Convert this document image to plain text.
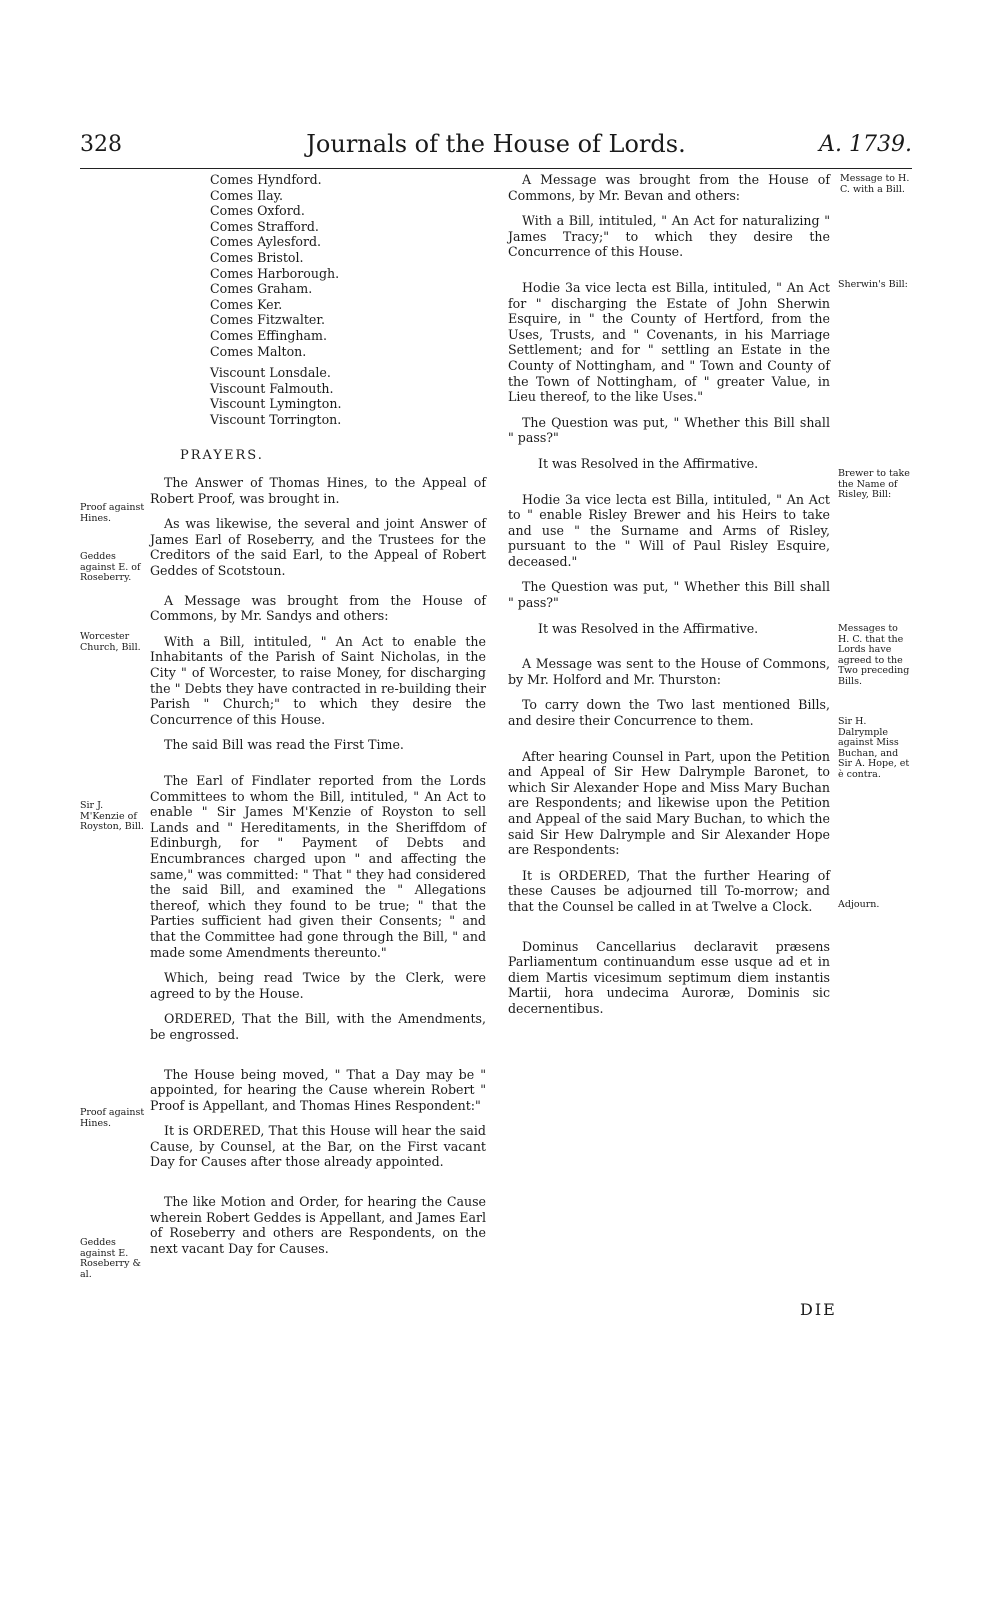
328	Journals of the House of Lords.	A. 1739.
Comes Hyndford.
Comes Ilay.
Comes Oxford.
Comes Strafford.
Comes Aylesford.
Comes Bristol.
Comes Harborough.
Comes Graham.
Comes Ker.
Comes Fitzwalter.
Comes Effingham.
Comes Malton.
Viscount Lonsdale.
Viscount Falmouth.
Viscount Lymington.
Viscount Torrington.
PRAYERS.

The Answer of Thomas Hines, to the Appeal of Robert Proof, was brought in.

As was likewise, the several and joint Answer of James Earl of Roseberry, and the Trustees for the Creditors of the said Earl, to the Appeal of Robert Geddes of Scotstoun.

A Message was brought from the House of Commons, by Mr. Sandys and others:

With a Bill, intituled, " An Act to enable the Inhabitants of the Parish of Saint Nicholas, in the City " of Worcester, to raise Money, for discharging the " Debts they have contracted in re-building their Parish " Church;" to which they desire the Concurrence of this House.

The said Bill was read the First Time.

The Earl of Findlater reported from the Lords Committees to whom the Bill, intituled, " An Act to enable " Sir James M'Kenzie of Royston to sell Lands and " Hereditaments, in the Sheriffdom of Edinburgh, for " Payment of Debts and Encumbrances charged upon " and affecting the same," was committed: " That " they had considered the said Bill, and examined the " Allegations thereof, which they found to be true; " that the Parties sufficient had given their Consents; " and that the Committee had gone through the Bill, " and made some Amendments thereunto."

Which, being read Twice by the Clerk, were agreed to by the House.

ORDERED, That the Bill, with the Amendments, be engrossed.

The House being moved, " That a Day may be " appointed, for hearing the Cause wherein Robert " Proof is Appellant, and Thomas Hines Respondent:"

It is ORDERED, That this House will hear the said Cause, by Counsel, at the Bar, on the First vacant Day for Causes after those already appointed.

The like Motion and Order, for hearing the Cause wherein Robert Geddes is Appellant, and James Earl of Roseberry and others are Respondents, on the next vacant Day for Causes.

Proof against Hines.
Geddes against E. of Roseberry.
Worcester Church, Bill.
Sir J. M'Kenzie of Royston, Bill.
Proof against Hines.
Geddes against E. Roseberry & al.

A Message was brought from the House of Commons, by Mr. Bevan and others:

With a Bill, intituled, " An Act for naturalizing " James Tracy;" to which they desire the Concurrence of this House.

Hodie 3a vice lecta est Billa, intituled, " An Act for " discharging the Estate of John Sherwin Esquire, in " the County of Hertford, from the Uses, Trusts, and " Covenants, in his Marriage Settlement; and for " settling an Estate in the County of Nottingham, and " Town and County of the Town of Nottingham, of " greater Value, in Lieu thereof, to the like Uses."

The Question was put, " Whether this Bill shall " pass?"

It was Resolved in the Affirmative.

Hodie 3a vice lecta est Billa, intituled, " An Act to " enable Risley Brewer and his Heirs to take and use " the Surname and Arms of Risley, pursuant to the " Will of Paul Risley Esquire, deceased."

The Question was put, " Whether this Bill shall " pass?"

It was Resolved in the Affirmative.

A Message was sent to the House of Commons, by Mr. Holford and Mr. Thurston:

To carry down the Two last mentioned Bills, and desire their Concurrence to them.

After hearing Counsel in Part, upon the Petition and Appeal of Sir Hew Dalrymple Baronet, to which Sir Alexander Hope and Miss Mary Buchan are Respondents; and likewise upon the Petition and Appeal of the said Mary Buchan, to which the said Sir Hew Dalrymple and Sir Alexander Hope are Respondents:

It is ORDERED, That the further Hearing of these Causes be adjourned till To-morrow; and that the Counsel be called in at Twelve a Clock.

Dominus Cancellarius declaravit præsens Parliamentum continuandum esse usque ad et in diem Martis vicesimum septimum diem instantis Martii, hora undecima Auroræ, Dominis sic decernentibus.

Message to H. C. with a Bill.
Sherwin's Bill:
Brewer to take the Name of Risley, Bill:
Messages to H. C. that the Lords have agreed to the Two preceding Bills.
Sir H. Dalrymple against Miss Buchan, and Sir A. Hope, et è contra.
Adjourn.
DIE
